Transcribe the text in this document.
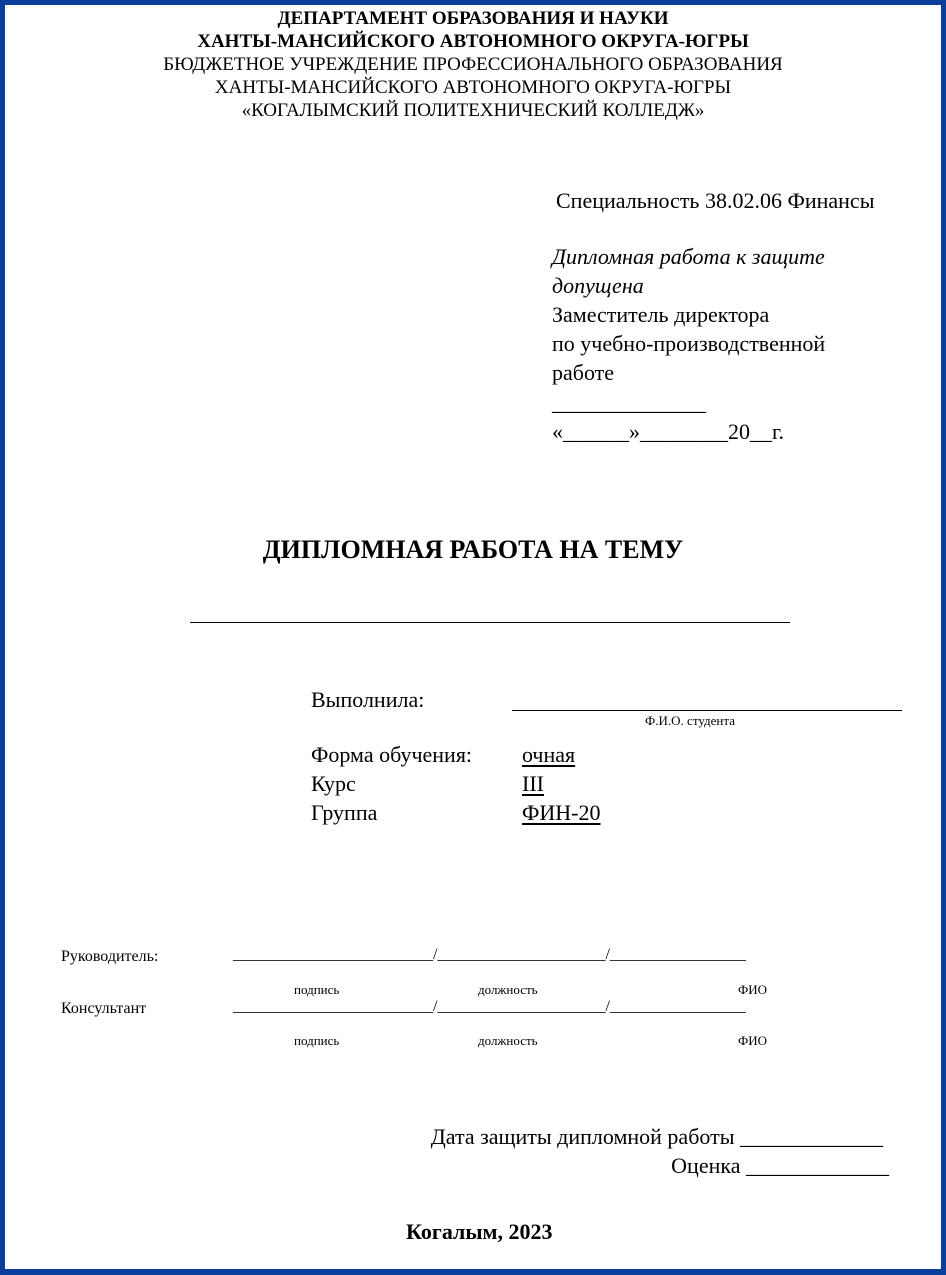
ДЕПАРТАМЕНТ ОБРАЗОВАНИЯ И НАУКИ
ХАНТЫ-МАНСИЙСКОГО АВТОНОМНОГО ОКРУГА-ЮГРЫ
БЮДЖЕТНОЕ УЧРЕЖДЕНИЕ ПРОФЕССИОНАЛЬНОГО ОБРАЗОВАНИЯ
ХАНТЫ-МАНСИЙСКОГО АВТОНОМНОГО ОКРУГА-ЮГРЫ
«КОГАЛЫМСКИЙ ПОЛИТЕХНИЧЕСКИЙ КОЛЛЕДЖ»
Специальность 38.02.06 Финансы
Дипломная работа к защите
допущена
Заместитель директора
по учебно-производственной
работе
______________
«______»________20__г.
ДИПЛОМНАЯ РАБОТА НА ТЕМУ
Выполнила:
Ф.И.О. студента
Форма обучения: очная
Курс	III
Группа	ФИН-20
Руководитель:	_________________________/_____________________/_________________
подпись	должность	ФИО
Консультант	_________________________/_____________________/_________________
подпись	должность	ФИО
Дата защиты дипломной работы _____________
Оценка _____________
Когалым, 2023
